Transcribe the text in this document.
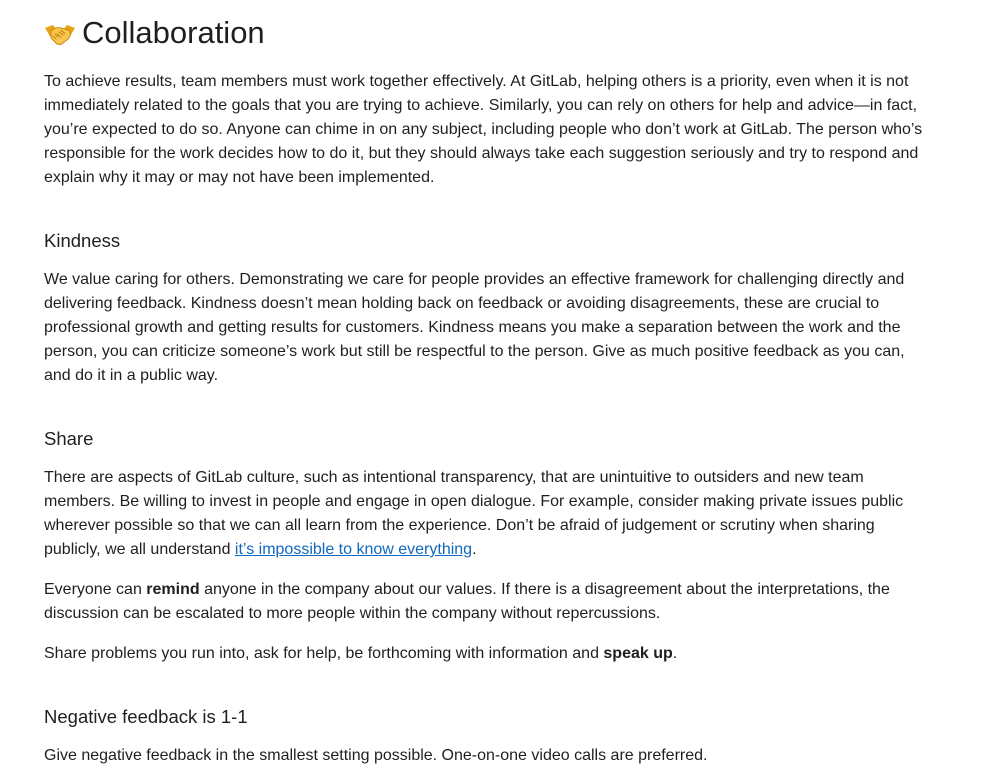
Collaboration

To achieve results, team members must work together effectively. At GitLab, helping others is a priority, even when it is not immediately related to the goals that you are trying to achieve. Similarly, you can rely on others for help and advice—in fact, you’re expected to do so. Anyone can chime in on any subject, including people who don’t work at GitLab. The person who’s responsible for the work decides how to do it, but they should always take each suggestion seriously and try to respond and explain why it may or may not have been implemented.

Kindness

We value caring for others. Demonstrating we care for people provides an effective framework for challenging directly and delivering feedback. Kindness doesn’t mean holding back on feedback or avoiding disagreements, these are crucial to professional growth and getting results for customers. Kindness means you make a separation between the work and the person, you can criticize someone’s work but still be respectful to the person. Give as much positive feedback as you can, and do it in a public way.

Share

There are aspects of GitLab culture, such as intentional transparency, that are unintuitive to outsiders and new team members. Be willing to invest in people and engage in open dialogue. For example, consider making private issues public wherever possible so that we can all learn from the experience. Don’t be afraid of judgement or scrutiny when sharing publicly, we all understand it’s impossible to know everything.

Everyone can remind anyone in the company about our values. If there is a disagreement about the interpretations, the discussion can be escalated to more people within the company without repercussions.

Share problems you run into, ask for help, be forthcoming with information and speak up.

Negative feedback is 1-1

Give negative feedback in the smallest setting possible. One-on-one video calls are preferred.
